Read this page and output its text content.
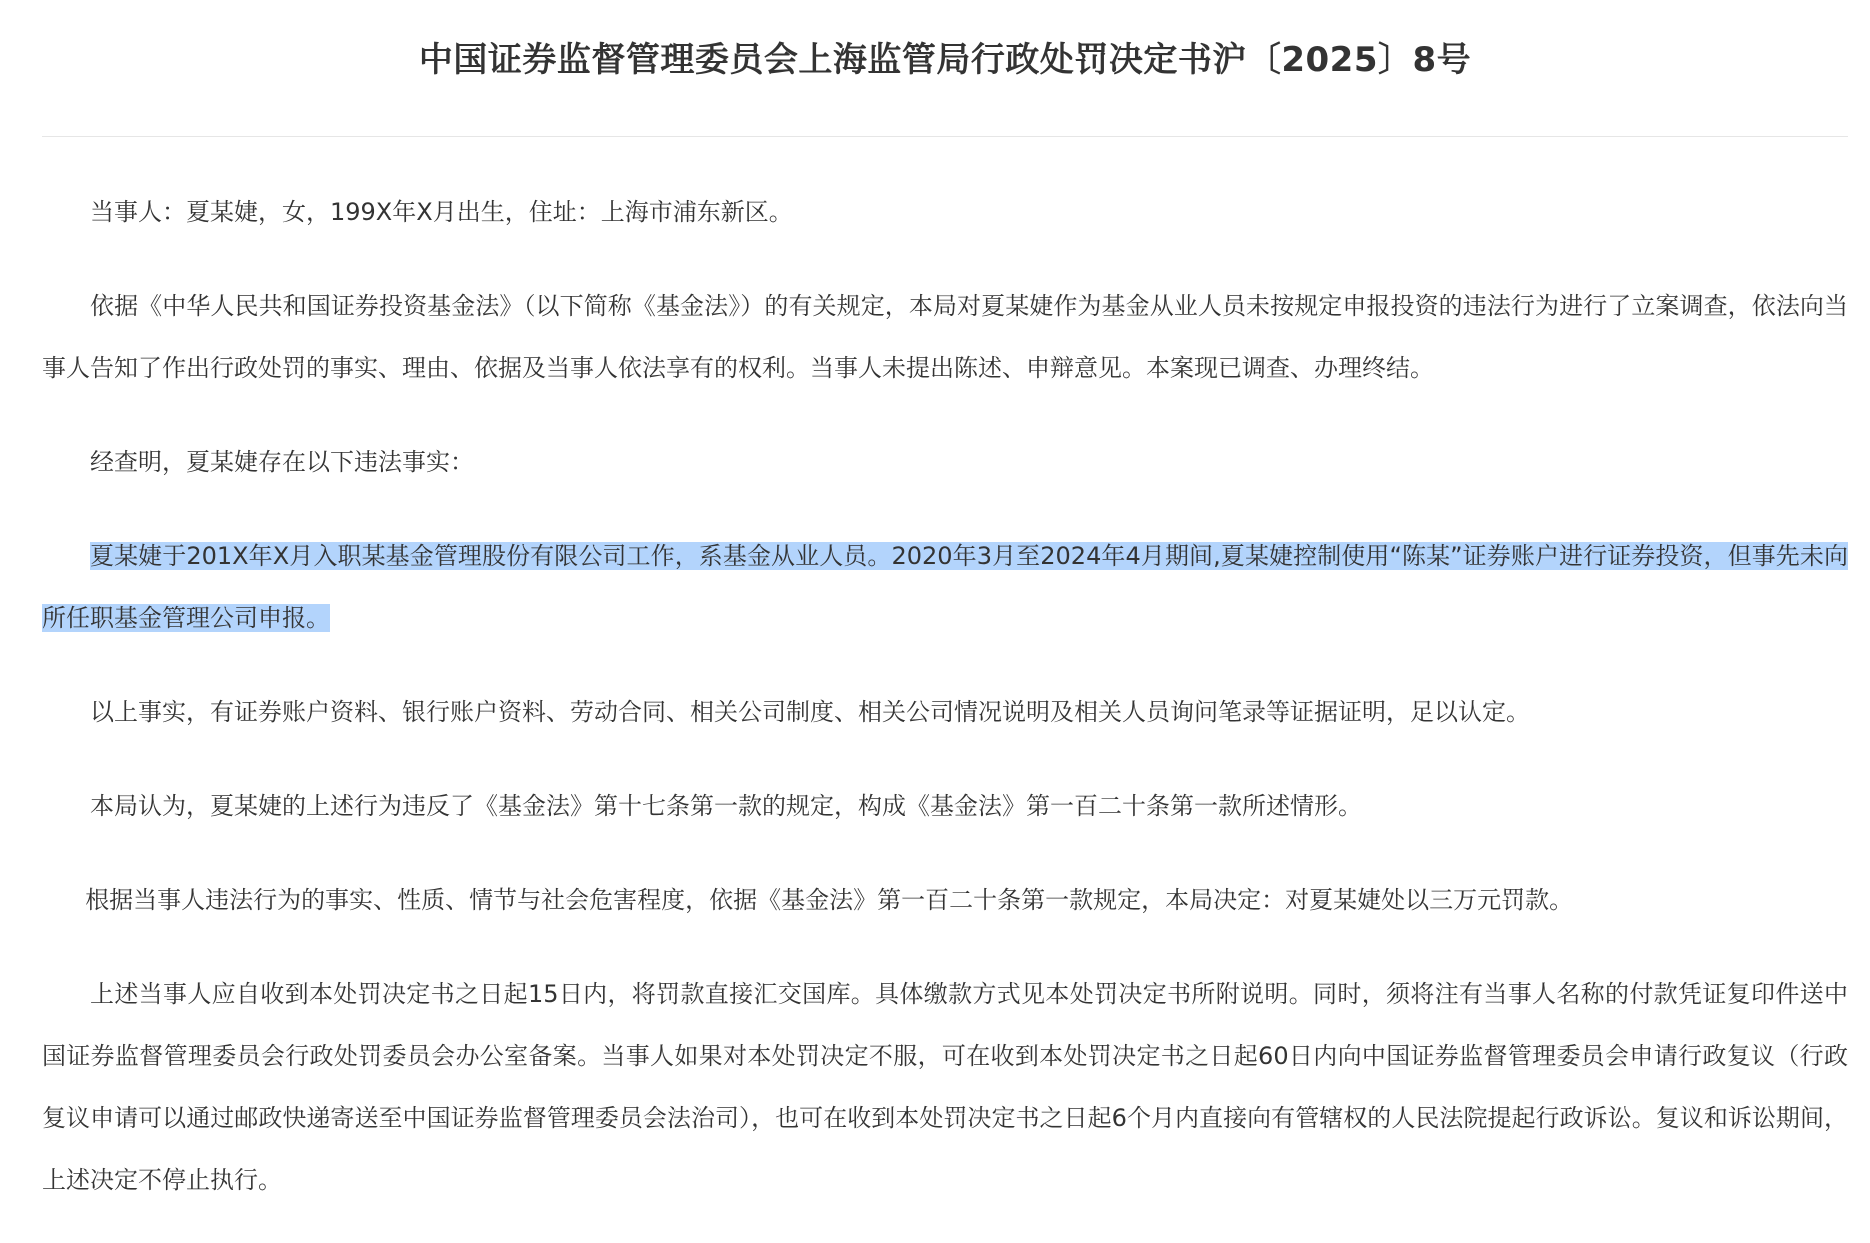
中国证券监督管理委员会上海监管局行政处罚决定书沪〔2025〕8号

当事人：夏某婕，女，199X年X月出生，住址：上海市浦东新区。

依据《中华人民共和国证券投资基金法》（以下简称《基金法》）的有关规定，本局对夏某婕作为基金从业人员未按规定申报投资的违法行为进行了立案调查，依法向当事人告知了作出行政处罚的事实、理由、依据及当事人依法享有的权利。当事人未提出陈述、申辩意见。本案现已调查、办理终结。

经查明，夏某婕存在以下违法事实：

夏某婕于201X年X月入职某基金管理股份有限公司工作，系基金从业人员。2020年3月至2024年4月期间,夏某婕控制使用“陈某”证券账户进行证券投资，但事先未向所任职基金管理公司申报。

以上事实，有证券账户资料、银行账户资料、劳动合同、相关公司制度、相关公司情况说明及相关人员询问笔录等证据证明，足以认定。

本局认为，夏某婕的上述行为违反了《基金法》第十七条第一款的规定，构成《基金法》第一百二十条第一款所述情形。

根据当事人违法行为的事实、性质、情节与社会危害程度，依据《基金法》第一百二十条第一款规定，本局决定：对夏某婕处以三万元罚款。

上述当事人应自收到本处罚决定书之日起15日内，将罚款直接汇交国库。具体缴款方式见本处罚决定书所附说明。同时，须将注有当事人名称的付款凭证复印件送中国证券监督管理委员会行政处罚委员会办公室备案。当事人如果对本处罚决定不服，可在收到本处罚决定书之日起60日内向中国证券监督管理委员会申请行政复议（行政复议申请可以通过邮政快递寄送至中国证券监督管理委员会法治司），也可在收到本处罚决定书之日起6个月内直接向有管辖权的人民法院提起行政诉讼。复议和诉讼期间，上述决定不停止执行。
